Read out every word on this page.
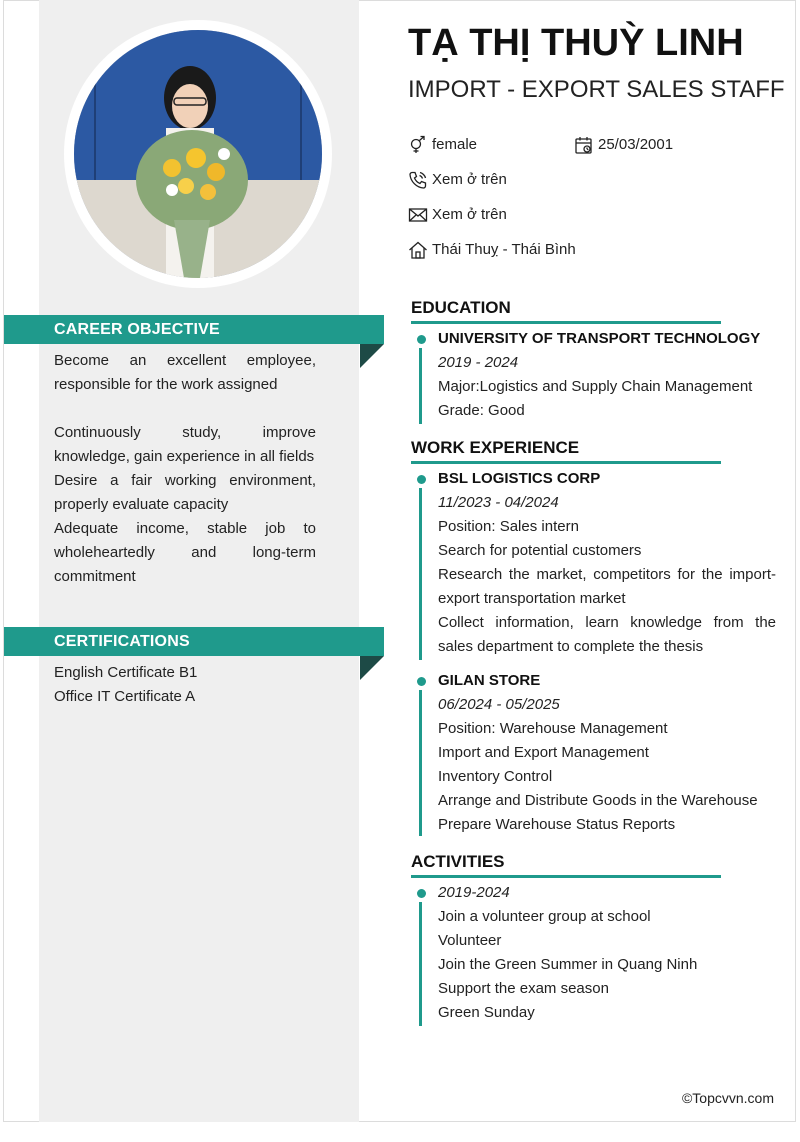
TẠ THỊ THUỲ LINH
IMPORT - EXPORT SALES STAFF
female	25/03/2001
Xem ở trên
Xem ở trên
Thái Thuỵ - Thái Bình
CAREER OBJECTIVE

Become an excellent employee, responsible for the work assigned

Continuously study, improve knowledge, gain experience in all fields

Desire a fair working environment, properly evaluate capacity

Adequate income, stable job to wholeheartedly and long-term commitment

CERTIFICATIONS

English Certificate B1

Office IT Certificate A

EDUCATION

UNIVERSITY OF TRANSPORT TECHNOLOGY

2019 - 2024

Major:Logistics and Supply Chain Management

Grade: Good

WORK EXPERIENCE

BSL LOGISTICS CORP

11/2023 - 04/2024

Position: Sales intern

Search for potential customers

Research the market, competitors for the import-export transportation market

Collect information, learn knowledge from the sales department to complete the thesis

GILAN STORE

06/2024 - 05/2025

Position: Warehouse Management

Import and Export Management

Inventory Control

Arrange and Distribute Goods in the Warehouse

Prepare Warehouse Status Reports

ACTIVITIES

2019-2024

Join a volunteer group at school

Volunteer

Join the Green Summer in Quang Ninh

Support the exam season

Green Sunday

©Topcvvn.com
